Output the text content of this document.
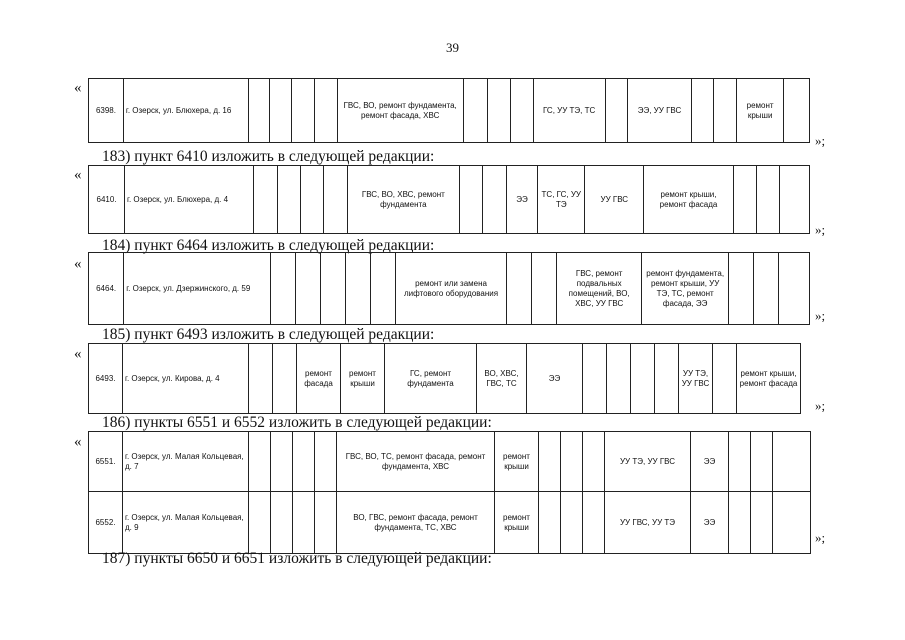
39
«
6398.	г. Озерск, ул. Блюхера, д. 16					ГВС, ВО, ремонт фундамента, ремонт фасада, ХВС				ГС, УУ ТЭ, ТС		ЭЭ, УУ ГВС			ремонт крыши	
»;
183) пункт 6410 изложить в следующей редакции:
«
6410.	г. Озерск, ул. Блюхера, д. 4					ГВС, ВО, ХВС, ремонт фундамента			ЭЭ	ТС, ГС, УУ ТЭ	УУ ГВС	ремонт крыши, ремонт фасада			
»;
184) пункт 6464 изложить в следующей редакции:
«
6464.	г. Озерск, ул. Дзержинского, д. 59						ремонт или замена лифтового оборудования			ГВС, ремонт подвальных помещений, ВО, ХВС, УУ ГВС	ремонт фундамента, ремонт крыши, УУ ТЭ, ТС, ремонт фасада, ЭЭ			
»;
185) пункт 6493 изложить в следующей редакции:
«
6493.	г. Озерск, ул. Кирова, д. 4			ремонт фасада	ремонт крыши	ГС, ремонт фундамента	ВО, ХВС, ГВС, ТС	ЭЭ					УУ ТЭ, УУ ГВС		ремонт крыши, ремонт фасада
»;
186) пункты 6551 и 6552 изложить в следующей редакции:
«
6551.	г. Озерск, ул. Малая Кольцевая, д. 7					ГВС, ВО, ТС, ремонт фасада, ремонт фундамента, ХВС	ремонт крыши				УУ ТЭ, УУ ГВС	ЭЭ			
6552.	г. Озерск, ул. Малая Кольцевая, д. 9					ВО, ГВС, ремонт фасада, ремонт фундамента, ТС, ХВС	ремонт крыши				УУ ГВС, УУ ТЭ	ЭЭ			
»;
187) пункты 6650 и 6651 изложить в следующей редакции:
